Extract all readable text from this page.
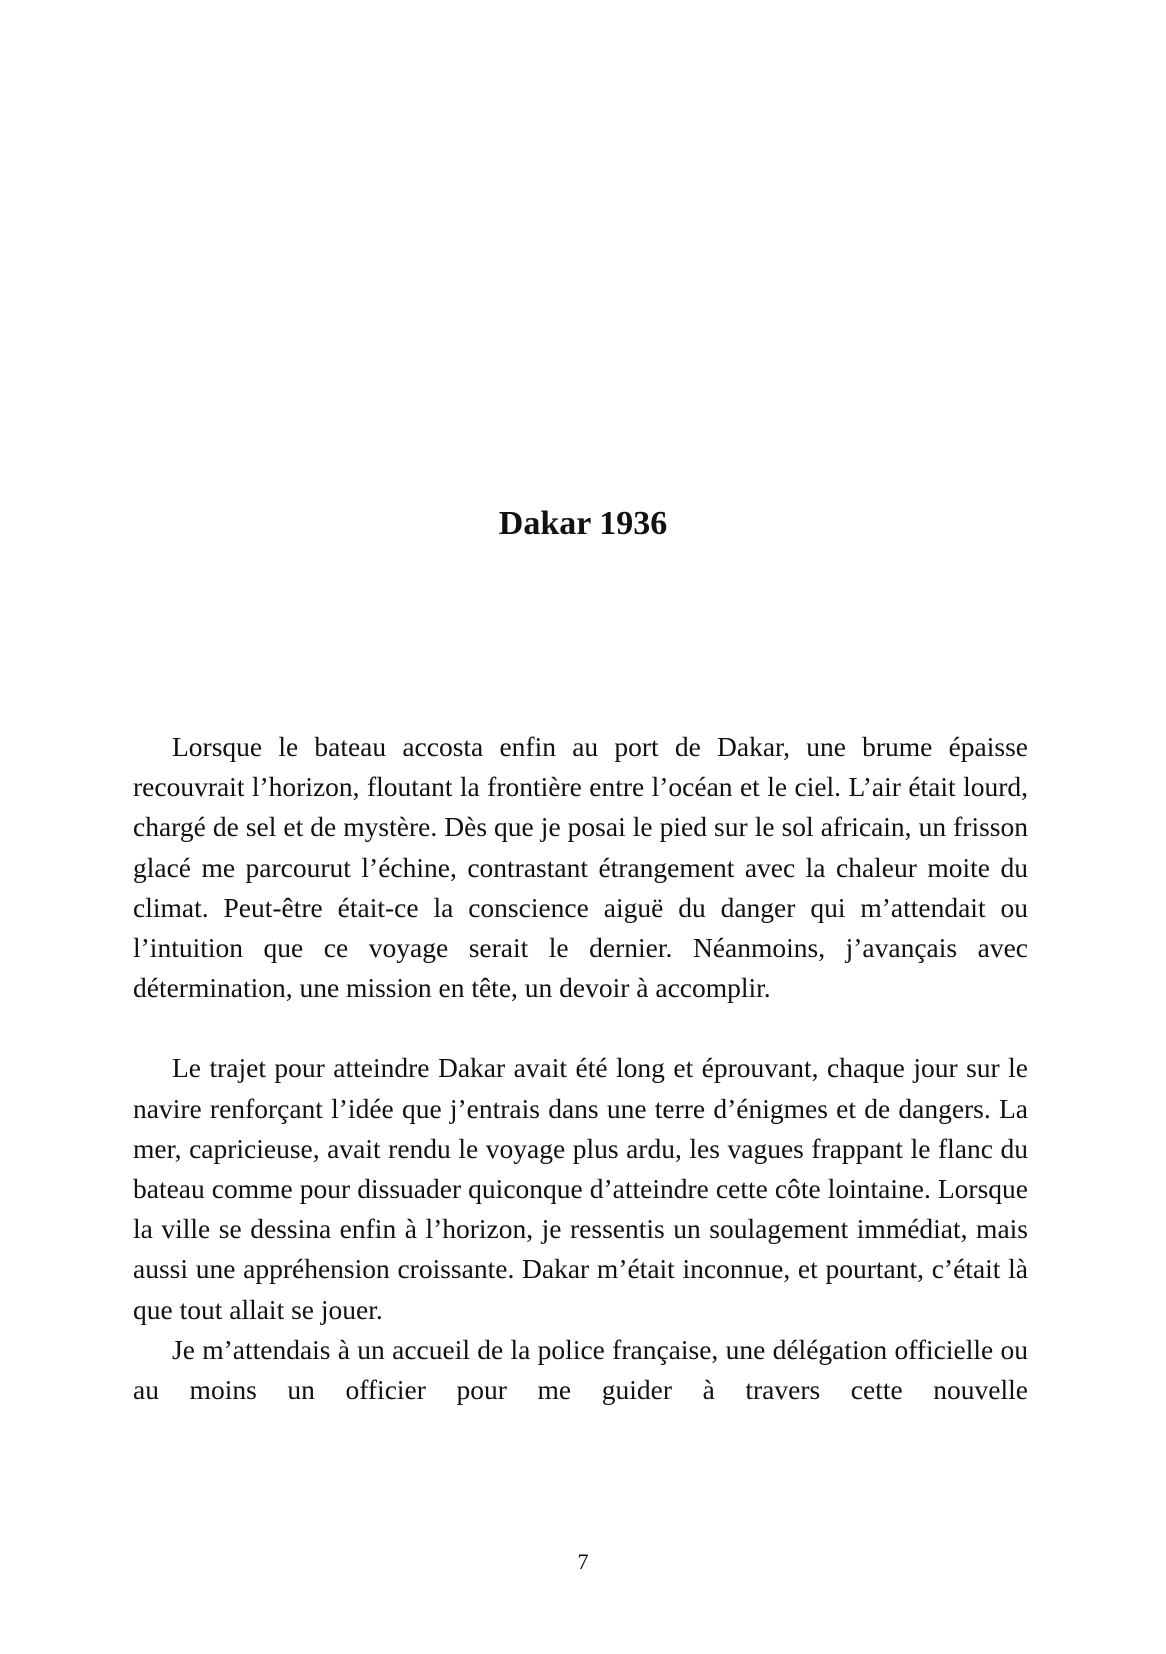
Dakar 1936

Lorsque le bateau accosta enfin au port de Dakar, une brume épaisse recouvrait l’horizon, floutant la frontière entre l’océan et le ciel. L’air était lourd, chargé de sel et de mystère. Dès que je posai le pied sur le sol africain, un frisson glacé me parcourut l’échine, contrastant étrangement avec la chaleur moite du climat. Peut-être était-ce la conscience aiguë du danger qui m’attendait ou l’intuition que ce voyage serait le dernier. Néanmoins, j’avançais avec détermination, une mission en tête, un devoir à accomplir.

Le trajet pour atteindre Dakar avait été long et éprouvant, chaque jour sur le navire renforçant l’idée que j’entrais dans une terre d’énigmes et de dangers. La mer, capricieuse, avait rendu le voyage plus ardu, les vagues frappant le flanc du bateau comme pour dissuader quiconque d’atteindre cette côte lointaine. Lorsque la ville se dessina enfin à l’horizon, je ressentis un soulagement immédiat, mais aussi une appréhension croissante. Dakar m’était inconnue, et pourtant, c’était là que tout allait se jouer.

Je m’attendais à un accueil de la police française, une délégation officielle ou au moins un officier pour me guider à travers cette nouvelle

7
